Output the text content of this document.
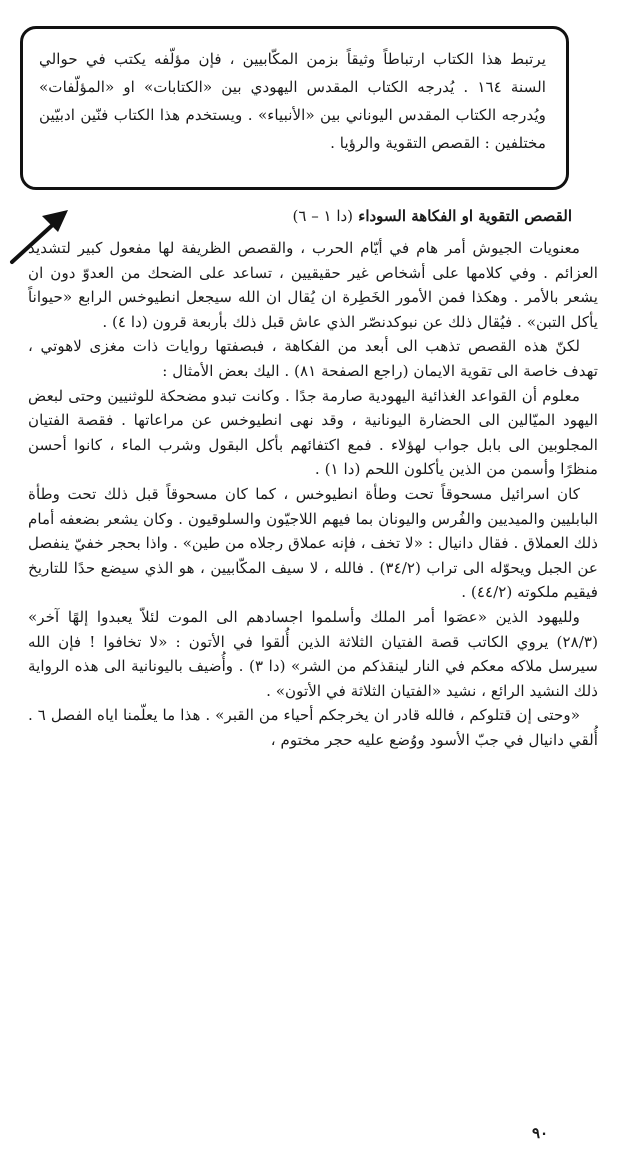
يرتبط هذا الكتاب ارتباطاً وثيقاً بزمن المكّابيين ، فإن مؤلّفه يكتب في حوالي السنة ١٦٤ . يُدرجه الكتاب المقدس اليهودي بين «الكتابات» او «المؤلّفات» ويُدرجه الكتاب المقدس اليوناني بين «الأنبياء» . ويستخدم هذا الكتاب فنّين ادبيّين مختلفين : القصص التقوية والرؤيا .

القصص التقوية او الفكاهة السوداء (دا ١ – ٦)

معنويات الجيوش أمر هام في أيّام الحرب ، والقصص الظريفة لها مفعول كبير لتشديد العزائم . وفي كلامها على أشخاص غير حقيقيين ، تساعد على الضحك من العدوّ دون ان يشعر بالأمر . وهكذا فمن الأمور الخَطِرة ان يُقال ان الله سيجعل انطيوخس الرابع «حيواناً يأكل التبن» . فيُقال ذلك عن نبوكدنصّر الذي عاش قبل ذلك بأربعة قرون (دا ٤) .

لكنّ هذه القصص تذهب الى أبعد من الفكاهة ، فبصفتها روايات ذات مغزى لاهوتي ، تهدف خاصة الى تقوية الايمان (راجع الصفحة ٨١) . اليك بعض الأمثال :

معلوم أن القواعد الغذائية اليهودية صارمة جدًا . وكانت تبدو مضحكة للوثنيين وحتى لبعض اليهود الميّالين الى الحضارة اليونانية ، وقد نهى انطيوخس عن مراعاتها . فقصة الفتيان المجلوبين الى بابل جواب لهؤلاء . فمع اكتفائهم بأكل البقول وشرب الماء ، كانوا أحسن منظرًا وأسمن من الذين يأكلون اللحم (دا ١) .

كان اسرائيل مسحوقاً تحت وطأة انطيوخس ، كما كان مسحوقاً قبل ذلك تحت وطأة البابليين والميديين والفُرس واليونان بما فيهم اللاجيّون والسلوقيون . وكان يشعر بضعفه أمام ذلك العملاق . فقال دانيال : «لا تخف ، فإنه عملاق رجلاه من طين» . واذا بحجر خفيّ ينفصل عن الجبل ويحوّله الى تراب (٣٤/٢) . فالله ، لا سيف المكّابيين ، هو الذي سيضع حدًا للتاريخ فيقيم ملكوته (٤٤/٢) .

ولليهود الذين «عصَوا أمر الملك وأسلموا اجسادهم الى الموت لئلاّ يعبدوا إلهًا آخر» (٢٨/٣) يروي الكاتب قصة الفتيان الثلاثة الذين أُلقوا في الأتون : «لا تخافوا ! فإن الله سيرسل ملاكه معكم في النار لينقذكم من الشر» (دا ٣) . وأُضيف باليونانية الى هذه الرواية ذلك النشيد الرائع ، نشيد «الفتيان الثلاثة في الأتون» .

«وحتى إن قتلوكم ، فالله قادر ان يخرجكم أحياء من القبر» . هذا ما يعلّمنا اياه الفصل ٦ . أُلقي دانيال في جبّ الأسود ووُضع عليه حجر مختوم ،

٩٠
